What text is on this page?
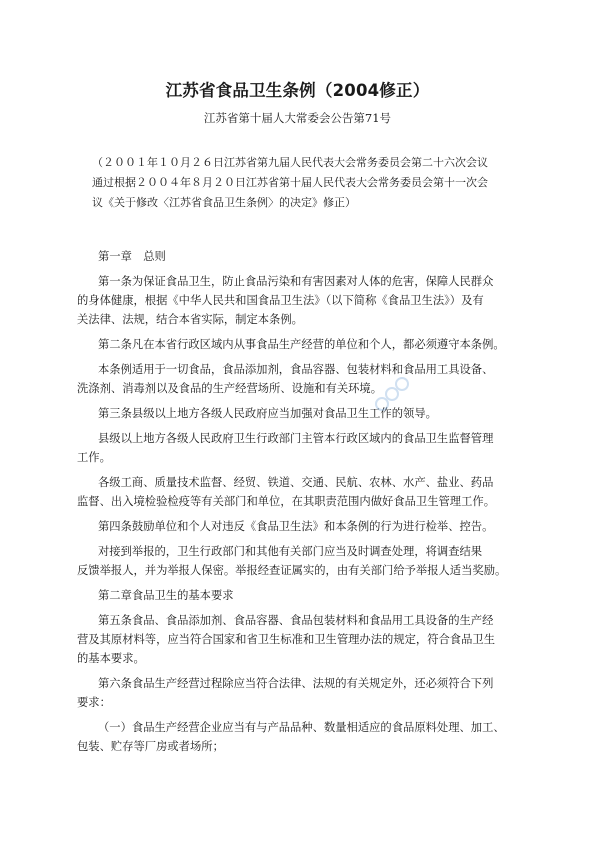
江苏省食品卫生条例（2004修正）
江苏省第十届人大常委会公告第71号
（２００１年１０月２６日江苏省第九届人民代表大会常务委员会第二十六次会议
通过根据２００４年８月２０日江苏省第十届人民代表大会常务委员会第十一次会
议《关于修改〈江苏省食品卫生条例〉的决定》修正）
第一章　总则
第一条为保证食品卫生，防止食品污染和有害因素对人体的危害，保障人民群众
的身体健康，根据《中华人民共和国食品卫生法》（以下简称《食品卫生法》）及有
关法律、法规，结合本省实际，制定本条例。
第二条凡在本省行政区域内从事食品生产经营的单位和个人，都必须遵守本条例。
本条例适用于一切食品，食品添加剂，食品容器、包装材料和食品用工具设备、
洗涤剂、消毒剂以及食品的生产经营场所、设施和有关环境。
第三条县级以上地方各级人民政府应当加强对食品卫生工作的领导。
县级以上地方各级人民政府卫生行政部门主管本行政区域内的食品卫生监督管理
工作。
各级工商、质量技术监督、经贸、铁道、交通、民航、农林、水产、盐业、药品
监督、出入境检验检疫等有关部门和单位，在其职责范围内做好食品卫生管理工作。
第四条鼓励单位和个人对违反《食品卫生法》和本条例的行为进行检举、控告。
对接到举报的，卫生行政部门和其他有关部门应当及时调查处理，将调查结果
反馈举报人，并为举报人保密。举报经查证属实的，由有关部门给予举报人适当奖励。
第二章食品卫生的基本要求
第五条食品、食品添加剂、食品容器、食品包装材料和食品用工具设备的生产经
营及其原材料等，应当符合国家和省卫生标准和卫生管理办法的规定，符合食品卫生
的基本要求。
第六条食品生产经营过程除应当符合法律、法规的有关规定外，还必须符合下列
要求：
（一）食品生产经营企业应当有与产品品种、数量相适应的食品原料处理、加工、
包装、贮存等厂房或者场所；
